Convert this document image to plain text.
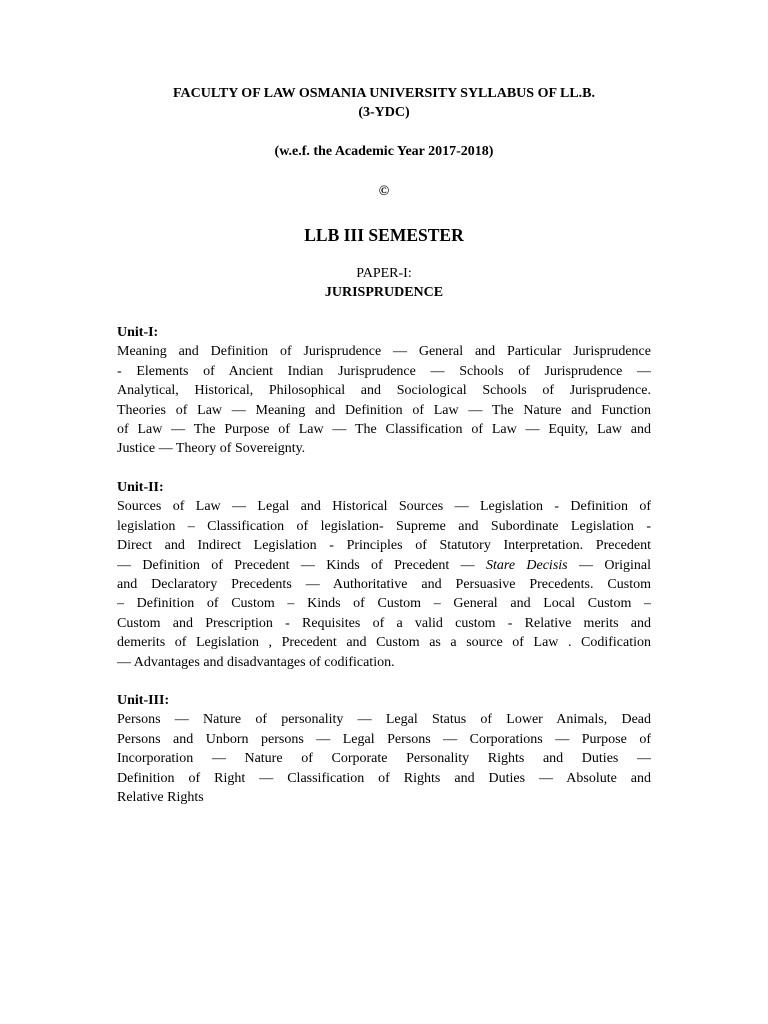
FACULTY OF LAW OSMANIA UNIVERSITY SYLLABUS OF LL.B.
(3-YDC)
(w.e.f. the Academic Year 2017-2018)
©
LLB III SEMESTER
PAPER-I:
JURISPRUDENCE

Unit-I:

Meaning and Definition of Jurisprudence — General and Particular Jurisprudence
- Elements of Ancient Indian Jurisprudence — Schools of Jurisprudence —
Analytical, Historical, Philosophical and Sociological Schools of Jurisprudence.
Theories of Law — Meaning and Definition of Law — The Nature and Function
of Law — The Purpose of Law — The Classification of Law — Equity, Law and
Justice — Theory of Sovereignty.

Unit-II:

Sources of Law — Legal and Historical Sources — Legislation - Definition of
legislation – Classification of legislation- Supreme and Subordinate Legislation -
Direct and Indirect Legislation - Principles of Statutory Interpretation. Precedent
— Definition of Precedent — Kinds of Precedent — Stare Decisis — Original
and Declaratory Precedents — Authoritative and Persuasive Precedents. Custom
– Definition of Custom – Kinds of Custom – General and Local Custom –
Custom and Prescription - Requisites of a valid custom - Relative merits and
demerits of Legislation , Precedent and Custom as a source of Law . Codification
— Advantages and disadvantages of codification.

Unit-III:

Persons — Nature of personality — Legal Status of Lower Animals, Dead
Persons and Unborn persons — Legal Persons — Corporations — Purpose of
Incorporation — Nature of Corporate Personality Rights and Duties —
Definition of Right — Classification of Rights and Duties — Absolute and
Relative Rights
